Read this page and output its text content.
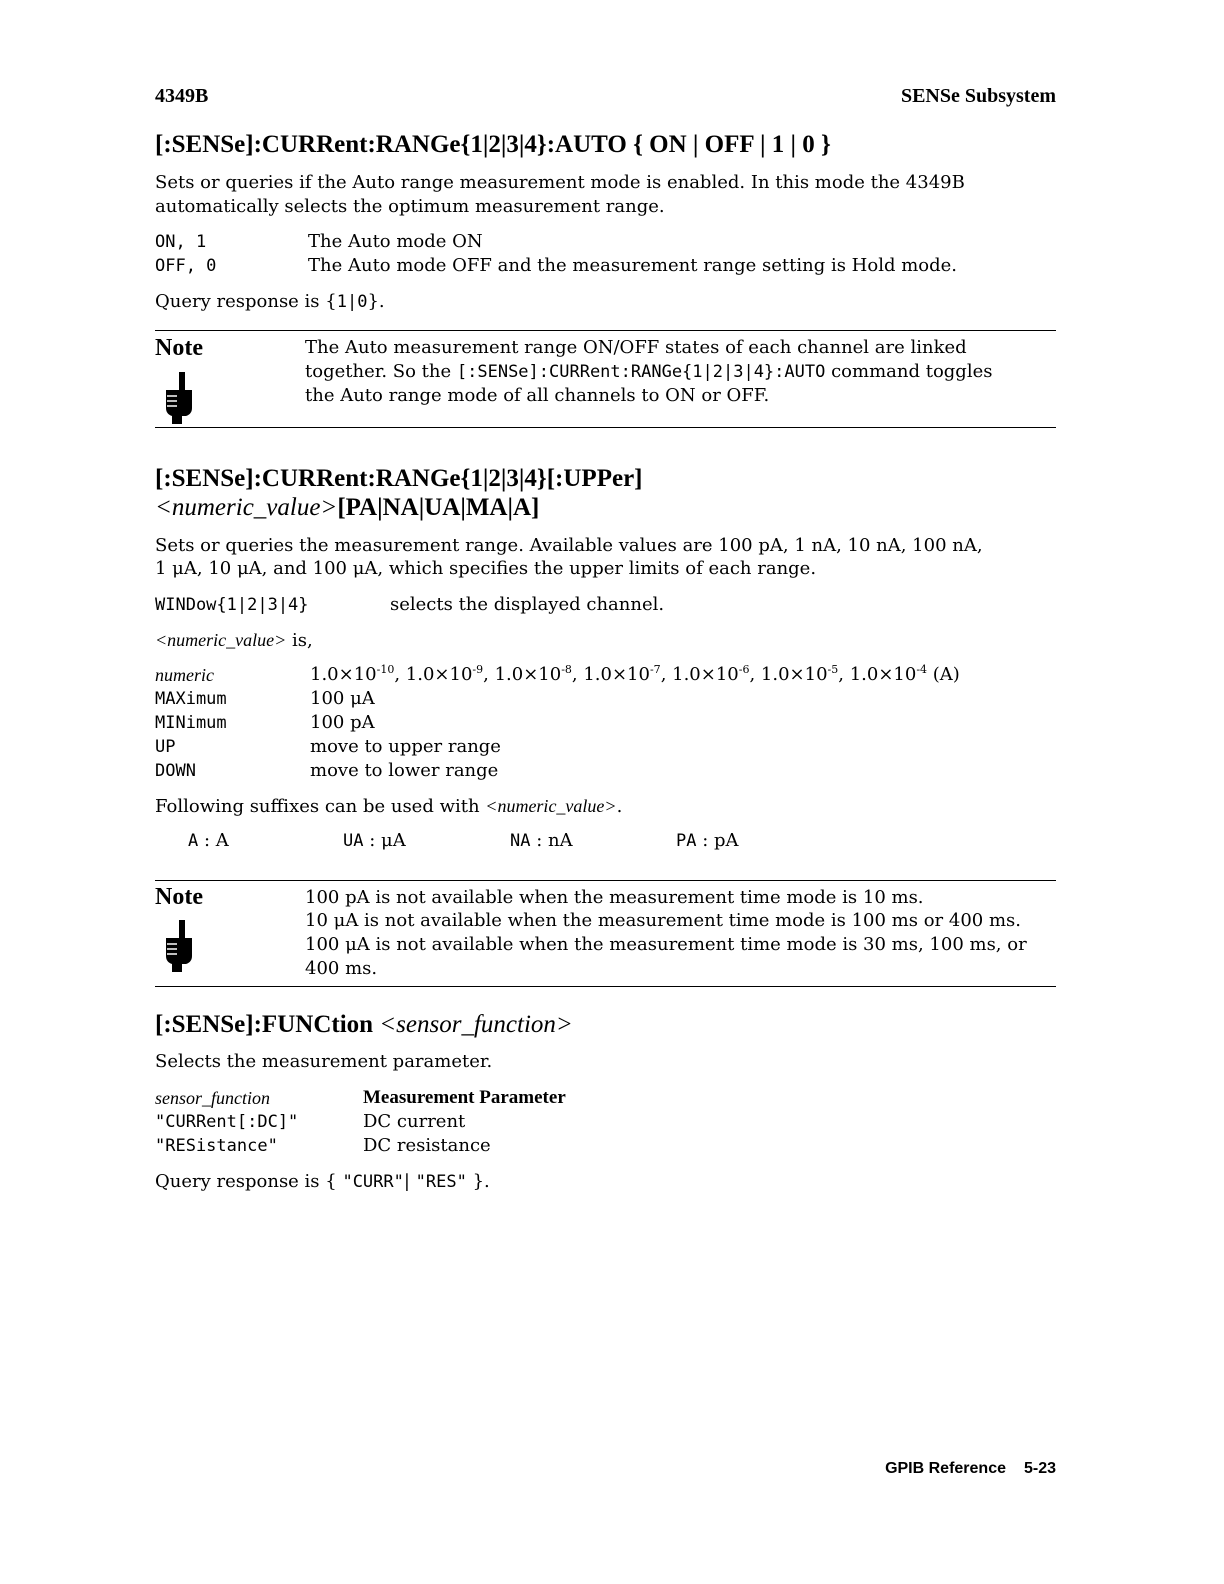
4349B	SENSe Subsystem
[:SENSe]:CURRent:RANGe{1|2|3|4}:AUTO { ON | OFF | 1 | 0 }
Sets or queries if the Auto range measurement mode is enabled. In this mode the 4349B
automatically selects the optimum measurement range.
ON, 1	The Auto mode ON
OFF, 0	The Auto mode OFF and the measurement range setting is Hold mode.
Query response is {1|0}.
Note	The Auto measurement range ON/OFF states of each channel are linked
together. So the [:SENSe]:CURRent:RANGe{1|2|3|4}:AUTO command toggles
the Auto range mode of all channels to ON or OFF.
[:SENSe]:CURRent:RANGe{1|2|3|4}[:UPPer]
<numeric_value>[PA|NA|UA|MA|A]
Sets or queries the measurement range. Available values are 100 pA, 1 nA, 10 nA, 100 nA,
1 μA, 10 μA, and 100 μA, which specifies the upper limits of each range.
WINDow{1|2|3|4}	selects the displayed channel.
<numeric_value> is,
numeric	$1.0\times 10^{-10}$, $1.0\times 10^{-9}$, $1.0\times 10^{-8}$, $1.0\times 10^{-7}$, $1.0\times 10^{-6}$, $1.0\times 10^{-5}$, $1.0\times 10^{-4}$ (A)
MAXimum	100 μA
MINimum	100 pA
UP	move to upper range
DOWN	move to lower range
Following suffixes can be used with <numeric_value>.
A : A	UA : μA	NA : nA	PA : pA
Note	100 pA is not available when the measurement time mode is 10 ms.
10 μA is not available when the measurement time mode is 100 ms or 400 ms.
100 μA is not available when the measurement time mode is 30 ms, 100 ms, or
400 ms.
[:SENSe]:FUNCtion <sensor_function>
Selects the measurement parameter.
sensor_function	Measurement Parameter
"CURRent[:DC]"	DC current
"RESistance"	DC resistance
Query response is { "CURR"| "RES" }.
GPIB Reference 5-23
